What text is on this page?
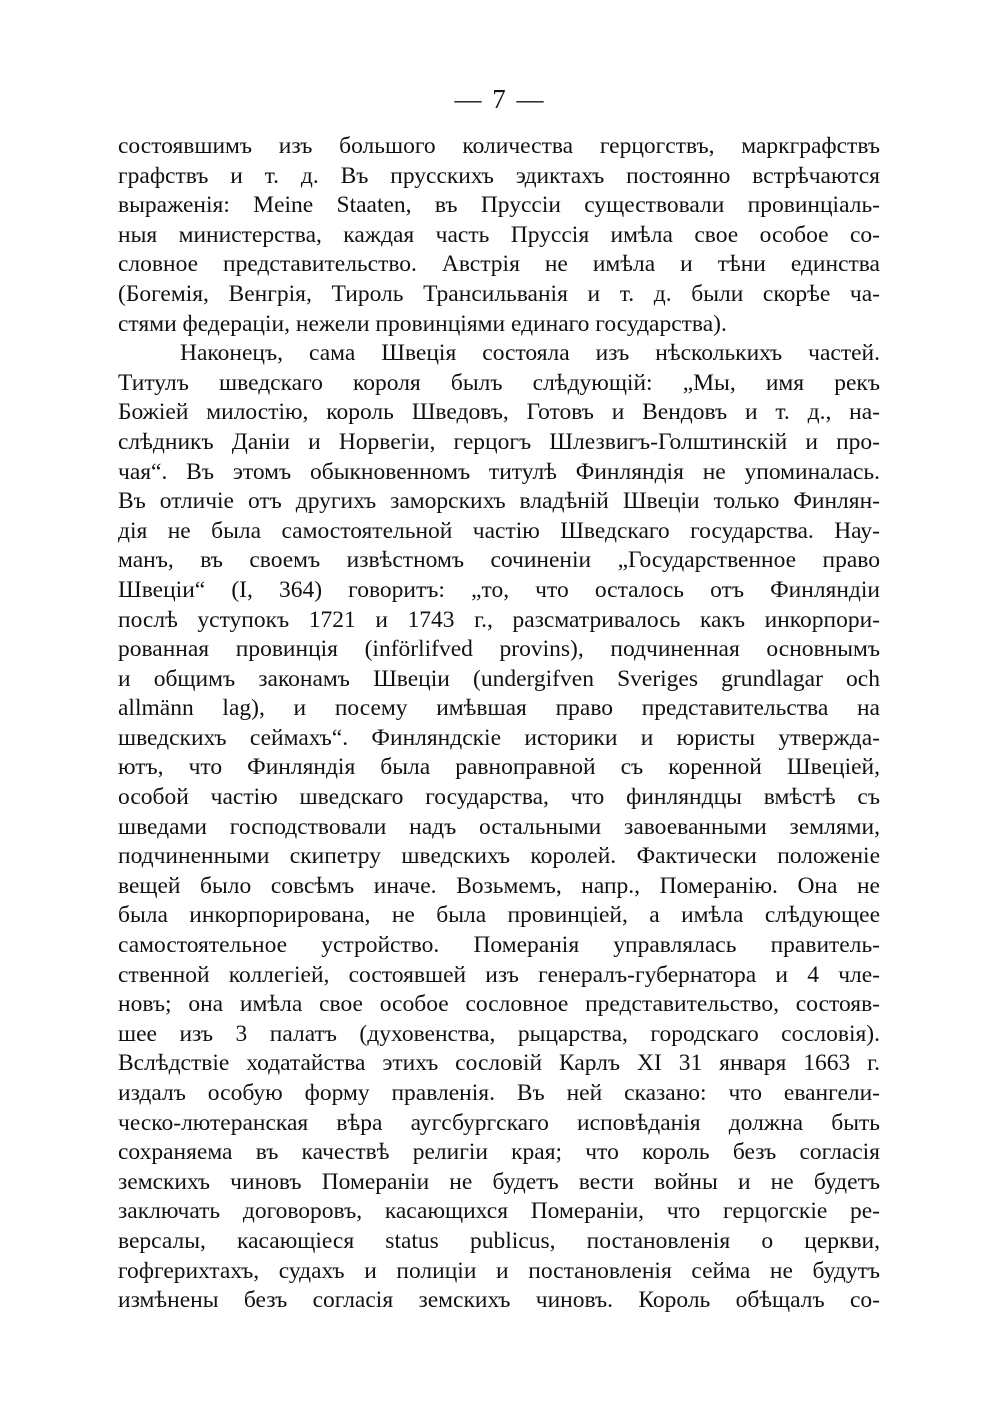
— 7 —
состоявшимъ изъ большого количества герцогствъ, маркграфствъ
графствъ и т. д. Въ прусскихъ эдиктахъ постоянно встрѣчаются
выраженія: Meine Staaten, въ Пруссіи существовали провинціаль-
ныя министерства, каждая часть Пруссія имѣла свое особое со-
словное представительство. Австрія не имѣла и тѣни единства
(Богемія, Венгрія, Тироль Трансильванія и т. д. были скорѣе ча-
стями федераціи, нежели провинціями единаго государства).
Наконецъ, сама Швеція состояла изъ нѣсколькихъ частей.
Титулъ шведскаго короля былъ слѣдующій: „Мы, имя рекъ
Божіей милостію, король Шведовъ, Готовъ и Вендовъ и т. д., на-
слѣдникъ Даніи и Норвегіи, герцогъ Шлезвигъ-Голштинскій и про-
чая“. Въ этомъ обыкновенномъ титулѣ Финляндія не упоминалась.
Въ отличіе отъ другихъ заморскихъ владѣній Швеціи только Финлян-
дія не была самостоятельной частію Шведскаго государства. Нау-
манъ, въ своемъ извѣстномъ сочиненіи „Государственное право
Швеціи“ (I, 364) говоритъ: „то, что осталось отъ Финляндіи
послѣ уступокъ 1721 и 1743 г., разсматривалось какъ инкорпори-
рованная провинція (införlifved provins), подчиненная основнымъ
и общимъ законамъ Швеціи (undergifven Sveriges grundlagar och
allmänn lag), и посему имѣвшая право представительства на
шведскихъ сеймахъ“. Финляндскіе историки и юристы утвержда-
ютъ, что Финляндія была равноправной съ коренной Швеціей,
особой частію шведскаго государства, что финляндцы вмѣстѣ съ
шведами господствовали надъ остальными завоеванными землями,
подчиненными скипетру шведскихъ королей. Фактически положеніе
вещей было совсѣмъ иначе. Возьмемъ, напр., Померанію. Она не
была инкорпорирована, не была провинціей, а имѣла слѣдующее
самостоятельное устройство. Померанія управлялась правитель-
ственной коллегіей, состоявшей изъ генералъ-губернатора и 4 чле-
новъ; она имѣла свое особое сословное представительство, состояв-
шее изъ 3 палатъ (духовенства, рыцарства, городскаго сословія).
Вслѣдствіе ходатайства этихъ сословій Карлъ XI 31 января 1663 г.
издалъ особую форму правленія. Въ ней сказано: что евангели-
ческо-лютеранская вѣра аугсбургскаго исповѣданія должна быть
сохраняема въ качествѣ религіи края; что король безъ согласія
земскихъ чиновъ Помераніи не будетъ вести войны и не будетъ
заключать договоровъ, касающихся Помераніи, что герцогскіе ре-
версалы, касающіеся status publicus, постановленія о церкви,
гофгерихтахъ, судахъ и полиціи и постановленія сейма не будутъ
измѣнены безъ согласія земскихъ чиновъ. Король обѣщалъ со-
